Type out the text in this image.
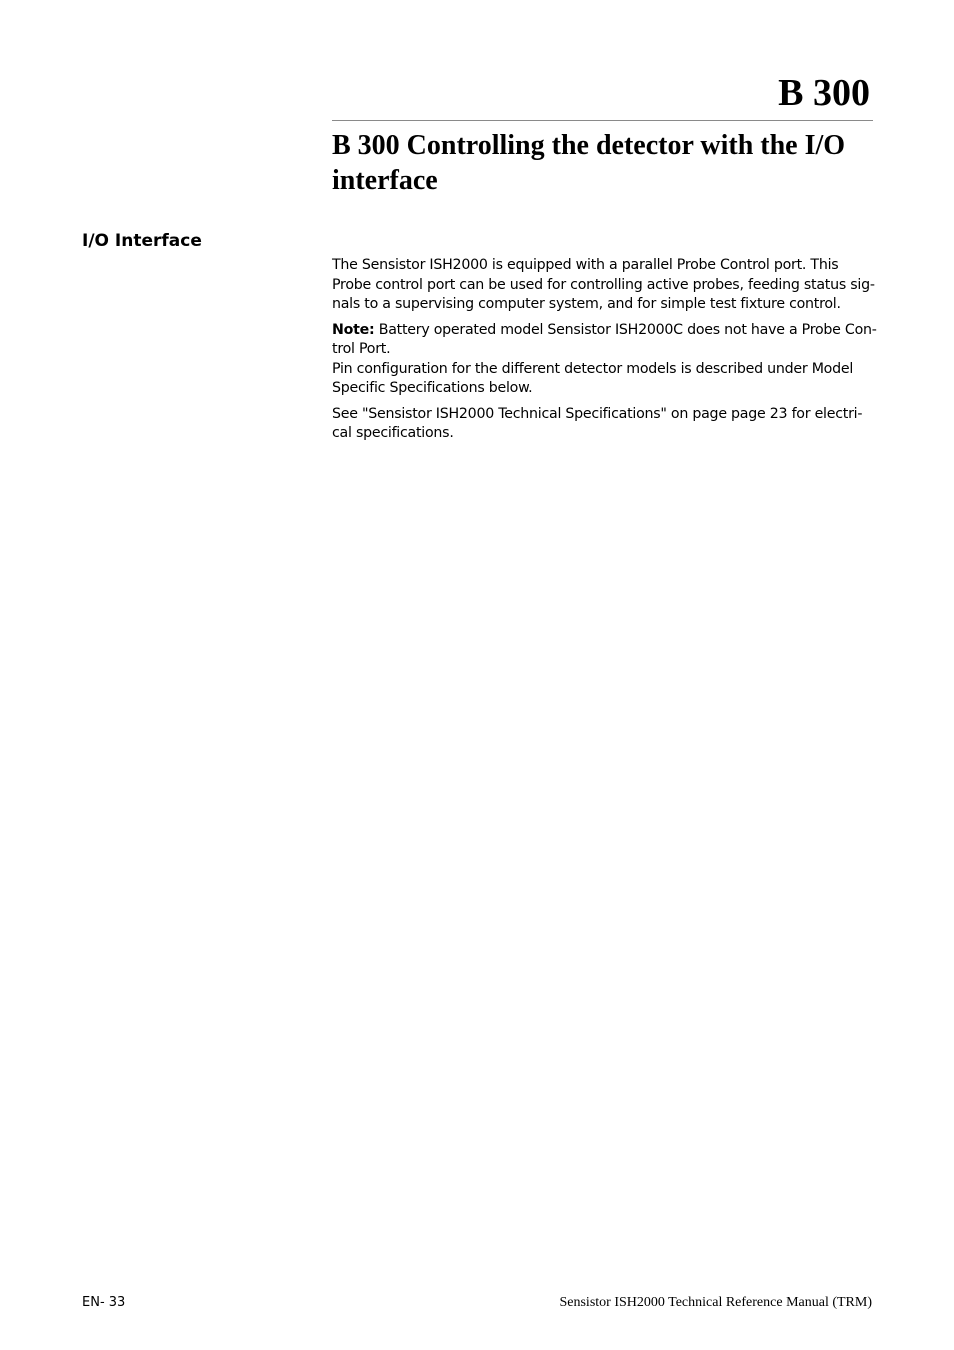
B 300
B 300 Controlling the detector with the I/O interface
I/O Interface

The Sensistor ISH2000 is equipped with a parallel Probe Control port. This
Probe control port can be used for controlling active probes, feeding status sig-
nals to a supervising computer system, and for simple test fixture control.

Note: Battery operated model Sensistor ISH2000C does not have a Probe Con-
trol Port.
Pin configuration for the different detector models is described under Model
Specific Specifications below.

See "Sensistor ISH2000 Technical Specifications" on page page 23 for electri-
cal specifications.

EN- 33	Sensistor ISH2000 Technical Reference Manual (TRM)
